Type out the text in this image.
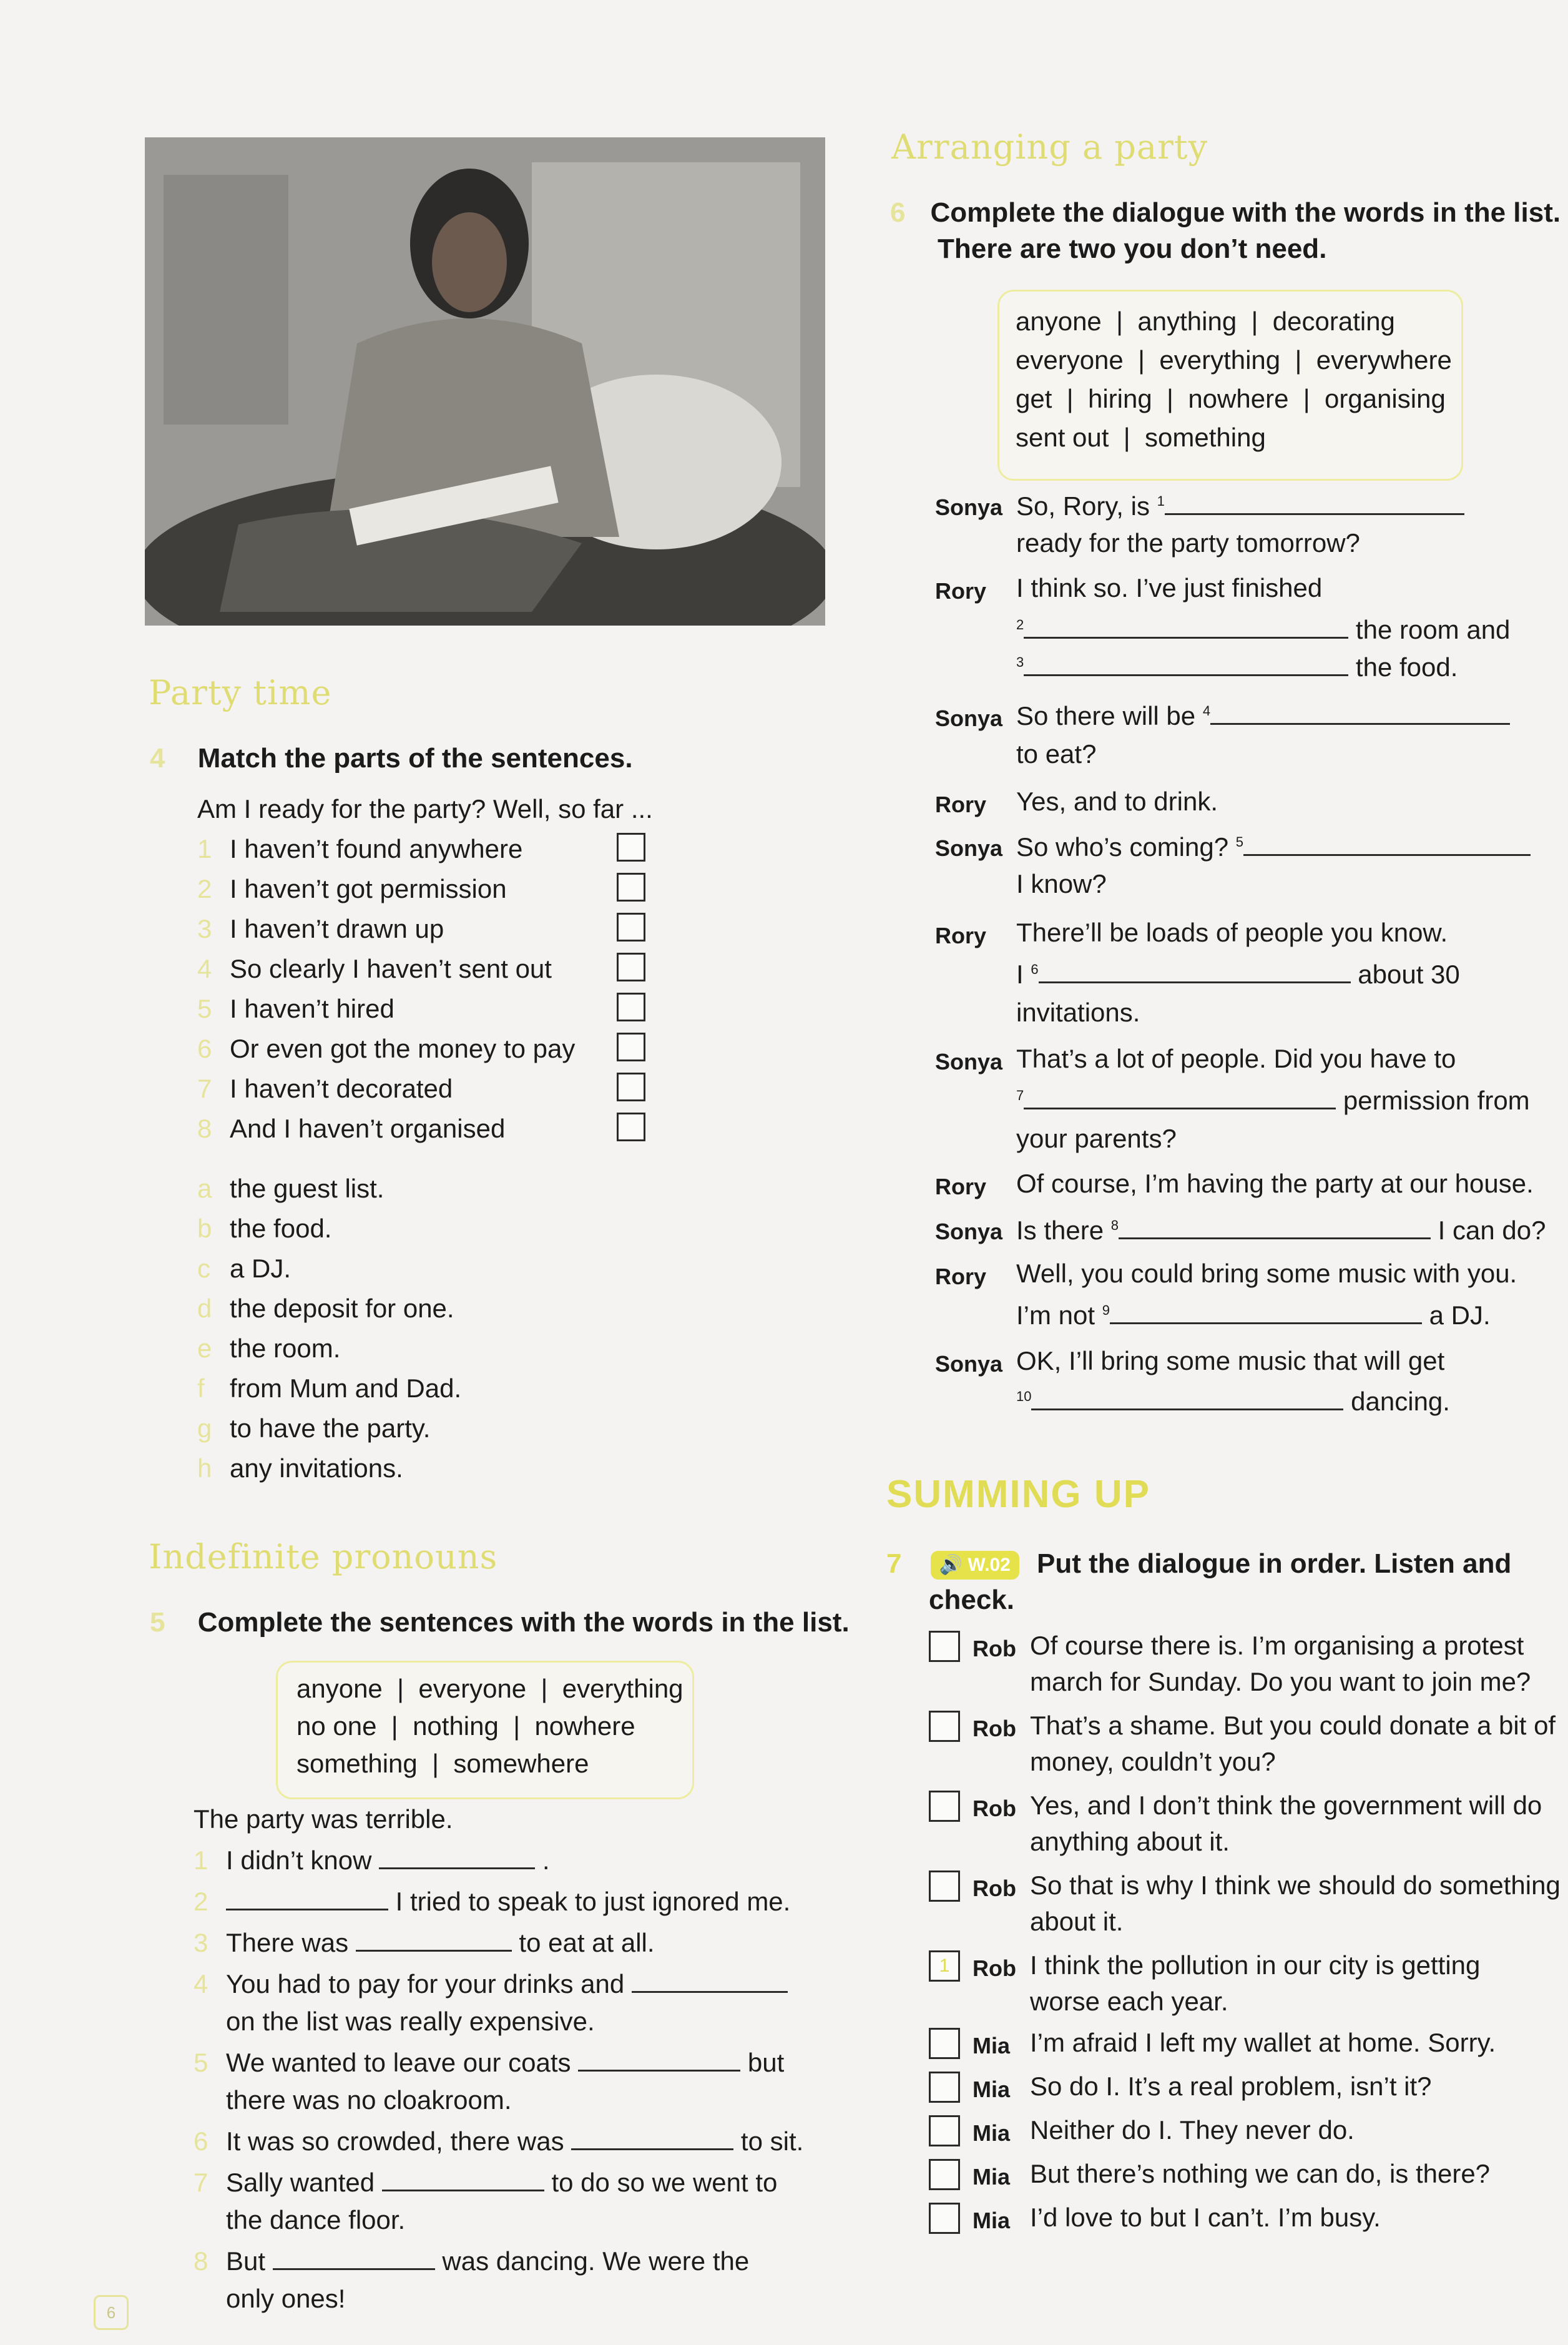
Party time
4 Match the parts of the sentences.
Am I ready for the party? Well, so far ...
1 I haven’t found anywhere
2 I haven’t got permission
3 I haven’t drawn up
4 So clearly I haven’t sent out
5 I haven’t hired
6 Or even got the money to pay
7 I haven’t decorated
8 And I haven’t organised
a the guest list.
b the food.
c a DJ.
d the deposit for one.
e the room.
f from Mum and Dad.
g to have the party.
h any invitations.
Indefinite pronouns
5 Complete the sentences with the words in the list.
anyone  |  everyone  |  everything
no one  |  nothing  |  nowhere
something  |  somewhere
The party was terrible.
1 I didn’t know	.
2	I tried to speak to just ignored me.
3 There was	to eat at all.
4 You had to pay for your drinks and
on the list was really expensive.
5 We wanted to leave our coats	but
there was no cloakroom.
6 It was so crowded, there was	to sit.
7 Sally wanted	to do so we went to
the dance floor.
8 But	was dancing. We were the
only ones!
6
Arranging a party
6 Complete the dialogue with the words in the list.
There are two you don’t need.
anyone  |  anything  |  decorating
everyone  |  everything  |  everywhere
get  |  hiring  |  nowhere  |  organising
sent out  |  something
Sonya So, Rory, is $^1$
ready for the party tomorrow?
Rory I think so. I’ve just finished
$^2$	the room and
$^3$	the food.
Sonya So there will be $^4$
to eat?
Rory Yes, and to drink.
Sonya So who’s coming? $^5$
I know?
Rory There’ll be loads of people you know.
I $^6$	about 30
invitations.
Sonya That’s a lot of people. Did you have to
$^7$	permission from
your parents?
Rory Of course, I’m having the party at our house.
Sonya Is there $^8$	I can do?
Rory Well, you could bring some music with you.
I’m not $^9$	a DJ.
Sonya OK, I’ll bring some music that will get
$^{10}$	dancing.
SUMMING UP
7 🔊 W.02 Put the dialogue in order. Listen and
check.
Rob Of course there is. I’m organising a protest
march for Sunday. Do you want to join me?
Rob That’s a shame. But you could donate a bit of
money, couldn’t you?
Rob Yes, and I don’t think the government will do
anything about it.
Rob So that is why I think we should do something
about it.
1	Rob I think the pollution in our city is getting
worse each year.
Mia I’m afraid I left my wallet at home. Sorry.
Mia So do I. It’s a real problem, isn’t it?
Mia Neither do I. They never do.
Mia But there’s nothing we can do, is there?
Mia I’d love to but I can’t. I’m busy.
